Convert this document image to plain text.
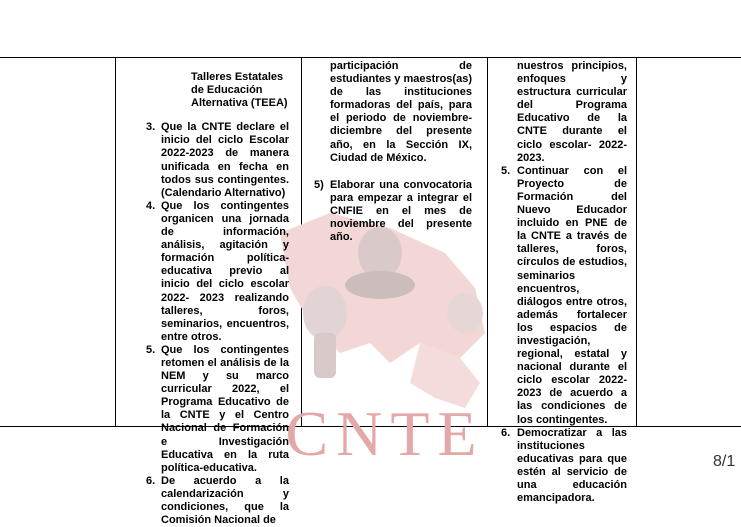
CNTE

Talleres Estatales de Educación Alternativa (TEEA)

3. Que la CNTE declare el inicio del ciclo Escolar 2022-2023 de manera unificada en fecha en todos sus contingentes. (Calendario Alternativo)

4. Que los contingentes organicen una jornada de información, análisis, agitación y formación política-educativa previo al inicio del ciclo escolar 2022- 2023 realizando talleres, foros, seminarios, encuentros, entre otros.

5. Que los contingentes retomen el análisis de la NEM y su marco curricular 2022, el Programa Educativo de la CNTE y el Centro Nacional de Formación e Investigación Educativa en la ruta política-educativa.

6. De acuerdo a la calendarización y condiciones, que la Comisión Nacional de

participación de estudiantes y maestros(as) de las instituciones formadoras del país, para el periodo de noviembre-diciembre del presente año, en la Sección IX, Ciudad de México.

5) Elaborar una convocatoria para empezar a integrar el CNFIE en el mes de noviembre del presente año.

nuestros principios, enfoques y estructura curricular del Programa Educativo de la CNTE durante el ciclo escolar- 2022-2023.

5. Continuar con el Proyecto de Formación del Nuevo Educador incluido en PNE de la CNTE a través de talleres, foros, círculos de estudios, seminarios encuentros, diálogos entre otros, además fortalecer los espacios de investigación, regional, estatal y nacional durante el ciclo escolar 2022-2023 de acuerdo a las condiciones de los contingentes.

6. Democratizar a las instituciones educativas para que estén al servicio de una educación emancipadora.

8/1
